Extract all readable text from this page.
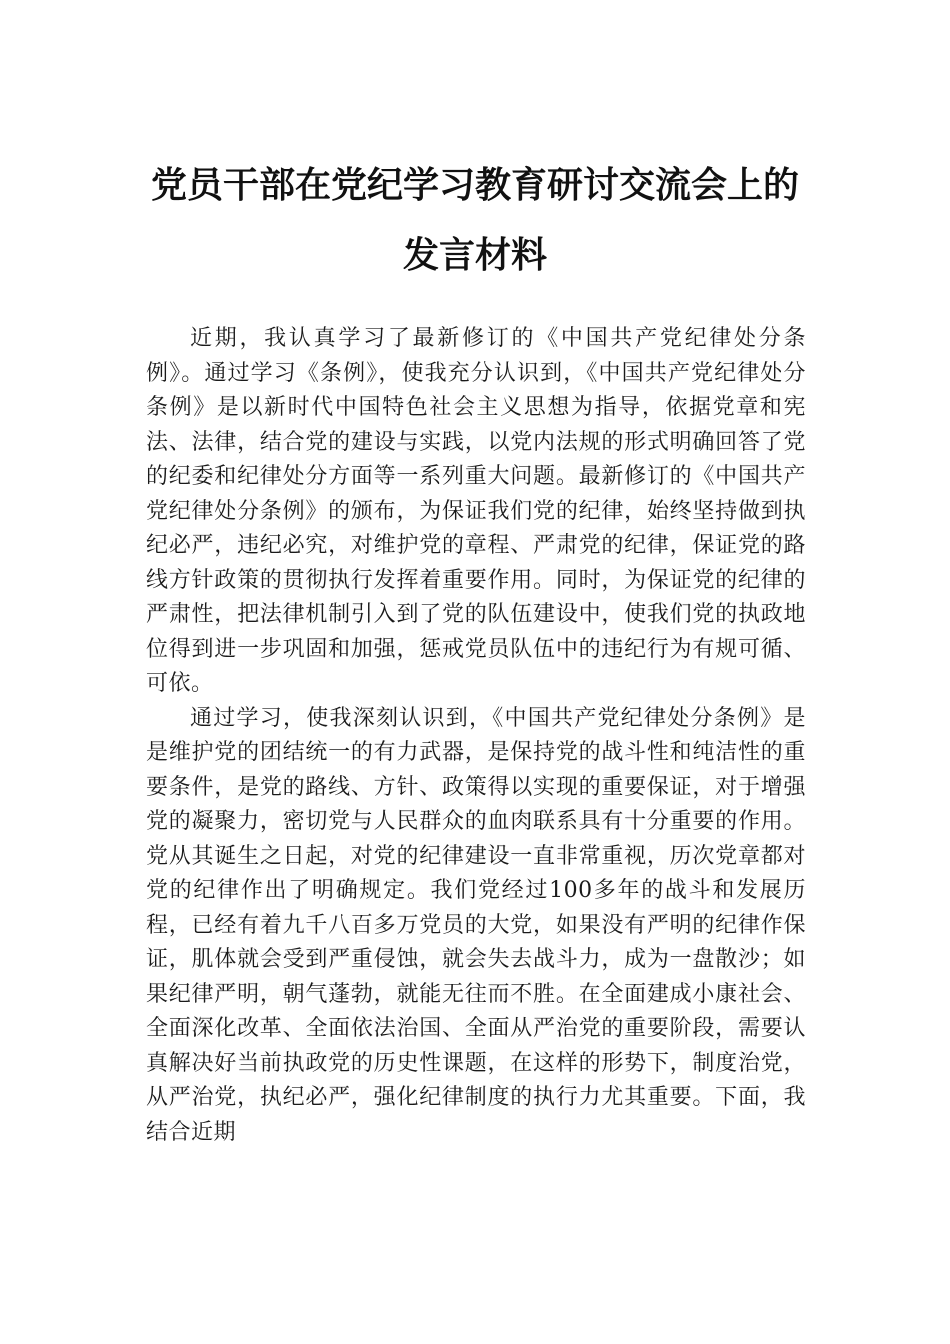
党员干部在党纪学习教育研讨交流会上的
发言材料

近期，我认真学习了最新修订的《中国共产党纪律处分条例》。通过学习《条例》，使我充分认识到，《中国共产党纪律处分条例》是以新时代中国特色社会主义思想为指导，依据党章和宪法、法律，结合党的建设与实践，以党内法规的形式明确回答了党的纪委和纪律处分方面等一系列重大问题。最新修订的《中国共产党纪律处分条例》的颁布，为保证我们党的纪律，始终坚持做到执纪必严，违纪必究，对维护党的章程、严肃党的纪律，保证党的路线方针政策的贯彻执行发挥着重要作用。同时，为保证党的纪律的严肃性，把法律机制引入到了党的队伍建设中，使我们党的执政地位得到进一步巩固和加强，惩戒党员队伍中的违纪行为有规可循、可依。

通过学习，使我深刻认识到，《中国共产党纪律处分条例》是是维护党的团结统一的有力武器，是保持党的战斗性和纯洁性的重要条件，是党的路线、方针、政策得以实现的重要保证，对于增强党的凝聚力，密切党与人民群众的血肉联系具有十分重要的作用。党从其诞生之日起，对党的纪律建设一直非常重视，历次党章都对党的纪律作出了明确规定。我们党经过100多年的战斗和发展历程，已经有着九千八百多万党员的大党，如果没有严明的纪律作保证，肌体就会受到严重侵蚀，就会失去战斗力，成为一盘散沙；如果纪律严明，朝气蓬勃，就能无往而不胜。在全面建成小康社会、全面深化改革、全面依法治国、全面从严治党的重要阶段，需要认真解决好当前执政党的历史性课题，在这样的形势下，制度治党，从严治党，执纪必严，强化纪律制度的执行力尤其重要。下面，我结合近期
